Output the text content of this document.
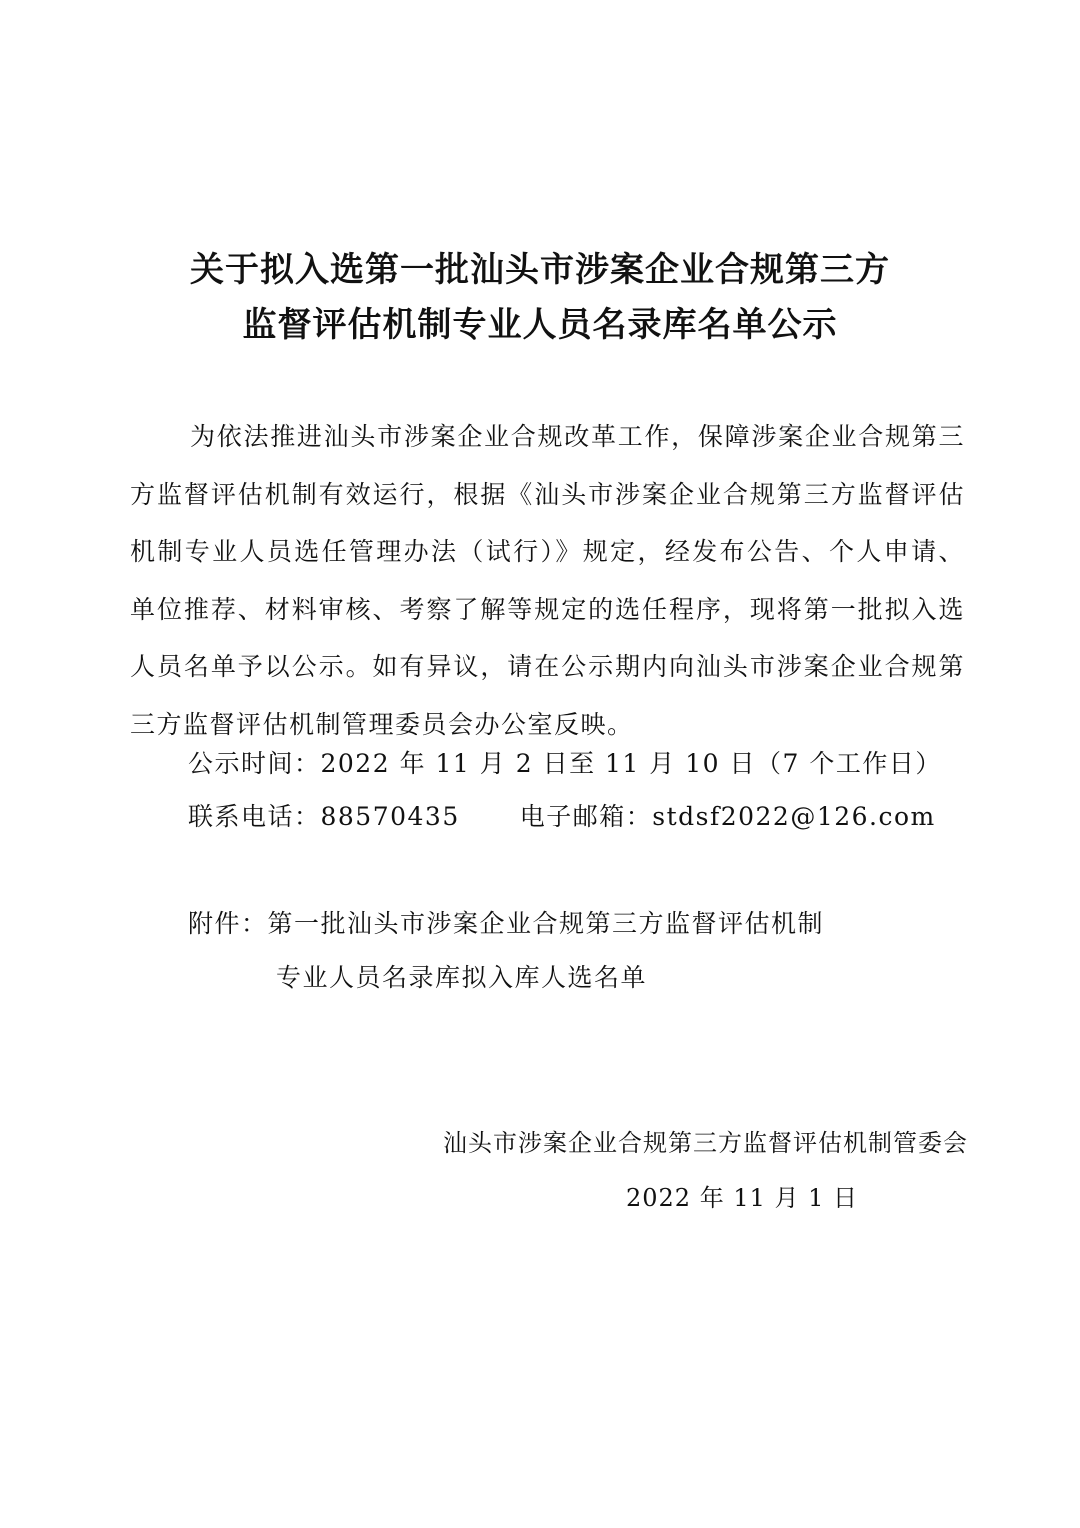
关于拟入选第一批汕头市涉案企业合规第三方
监督评估机制专业人员名录库名单公示

为依法推进汕头市涉案企业合规改革工作，保障涉案企业合规第三方监督评估机制有效运行，根据《汕头市涉案企业合规第三方监督评估机制专业人员选任管理办法（试行）》规定，经发布公告、个人申请、单位推荐、材料审核、考察了解等规定的选任程序，现将第一批拟入选人员名单予以公示。如有异议，请在公示期内向汕头市涉案企业合规第三方监督评估机制管理委员会办公室反映。

公示时间：2022 年 11 月 2 日至 11 月 10 日（7 个工作日）
联系电话：88570435 电子邮箱：stdsf2022@126.com
附件：第一批汕头市涉案企业合规第三方监督评估机制
专业人员名录库拟入库人选名单
汕头市涉案企业合规第三方监督评估机制管委会
2022 年 11 月 1 日
